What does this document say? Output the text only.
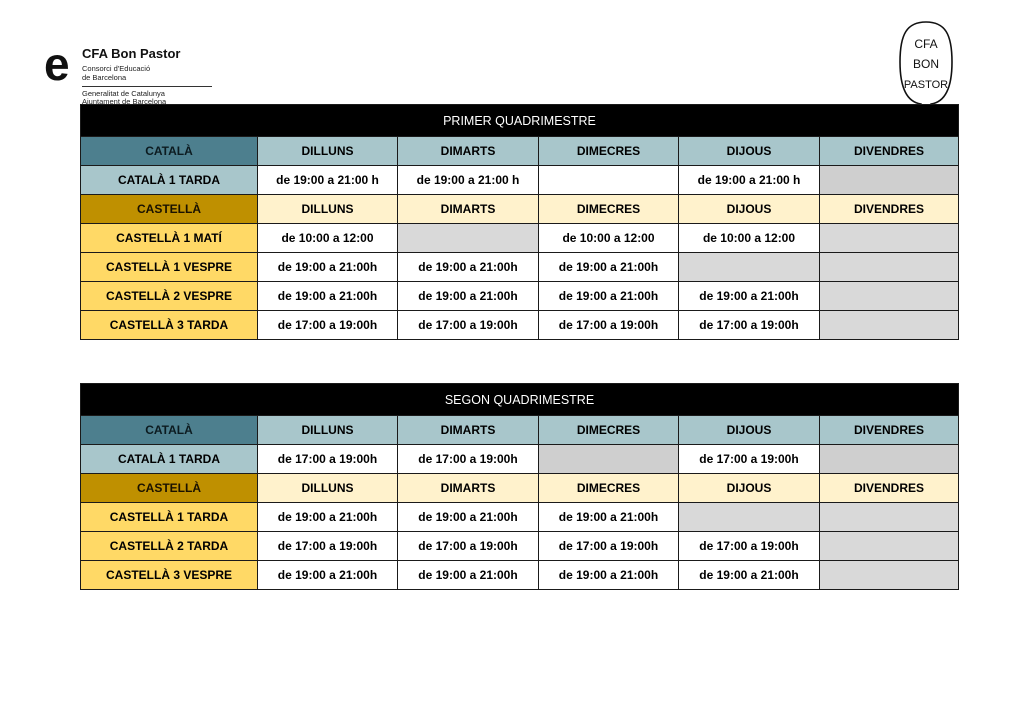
e CFA Bon Pastor
Consorci d'Educació
de Barcelona
Generalitat de Catalunya
Ajuntament de Barcelona
CFA
BON
PASTOR
PRIMER QUADRIMESTRE					
CATALÀ	DILLUNS	DIMARTS	DIMECRES	DIJOUS	DIVENDRES
CATALÀ 1 TARDA	de 19:00 a 21:00 h	de 19:00 a 21:00 h		de 19:00 a 21:00 h	
CASTELLÀ	DILLUNS	DIMARTS	DIMECRES	DIJOUS	DIVENDRES
CASTELLÀ 1 MATÍ	de 10:00 a 12:00		de 10:00 a 12:00	de 10:00 a 12:00	
CASTELLÀ 1 VESPRE	de 19:00 a 21:00h	de 19:00 a 21:00h	de 19:00 a 21:00h		
CASTELLÀ 2 VESPRE	de 19:00 a 21:00h	de 19:00 a 21:00h	de 19:00 a 21:00h	de 19:00 a 21:00h	
CASTELLÀ 3 TARDA	de 17:00 a 19:00h	de 17:00 a 19:00h	de 17:00 a 19:00h	de 17:00 a 19:00h	
SEGON QUADRIMESTRE					
CATALÀ	DILLUNS	DIMARTS	DIMECRES	DIJOUS	DIVENDRES
CATALÀ 1 TARDA	de 17:00 a 19:00h	de 17:00 a 19:00h		de 17:00 a 19:00h	
CASTELLÀ	DILLUNS	DIMARTS	DIMECRES	DIJOUS	DIVENDRES
CASTELLÀ 1 TARDA	de 19:00 a 21:00h	de 19:00 a 21:00h	de 19:00 a 21:00h		
CASTELLÀ 2 TARDA	de 17:00 a 19:00h	de 17:00 a 19:00h	de 17:00 a 19:00h	de 17:00 a 19:00h	
CASTELLÀ 3 VESPRE	de 19:00 a 21:00h	de 19:00 a 21:00h	de 19:00 a 21:00h	de 19:00 a 21:00h	
